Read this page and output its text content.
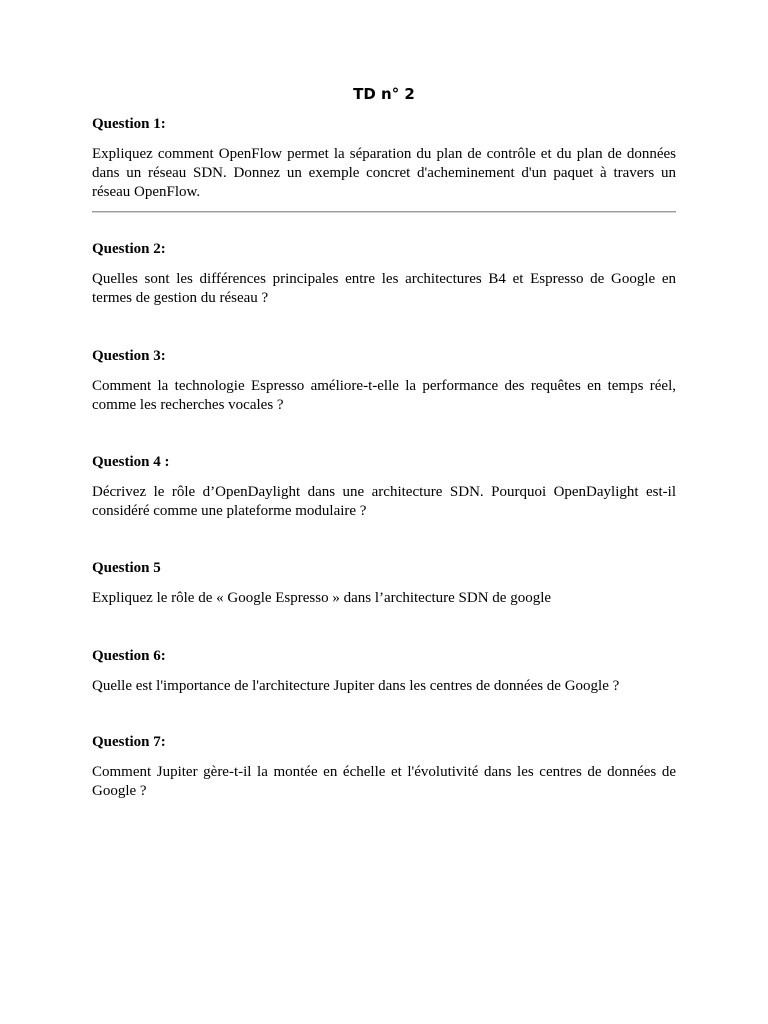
TD n° 2

Question 1:

Expliquez comment OpenFlow permet la séparation du plan de contrôle et du plan de données dans un réseau SDN. Donnez un exemple concret d'acheminement d'un paquet à travers un réseau OpenFlow.

Question 2:

Quelles sont les différences principales entre les architectures B4 et Espresso de Google en termes de gestion du réseau ?

Question 3:

Comment la technologie Espresso améliore-t-elle la performance des requêtes en temps réel, comme les recherches vocales ?

Question 4 :

Décrivez le rôle d’OpenDaylight dans une architecture SDN. Pourquoi OpenDaylight est-il considéré comme une plateforme modulaire ?

Question 5

Expliquez le rôle de « Google Espresso » dans l’architecture SDN de google

Question 6:

Quelle est l'importance de l'architecture Jupiter dans les centres de données de Google ?

Question 7:

Comment Jupiter gère-t-il la montée en échelle et l'évolutivité dans les centres de données de Google ?
